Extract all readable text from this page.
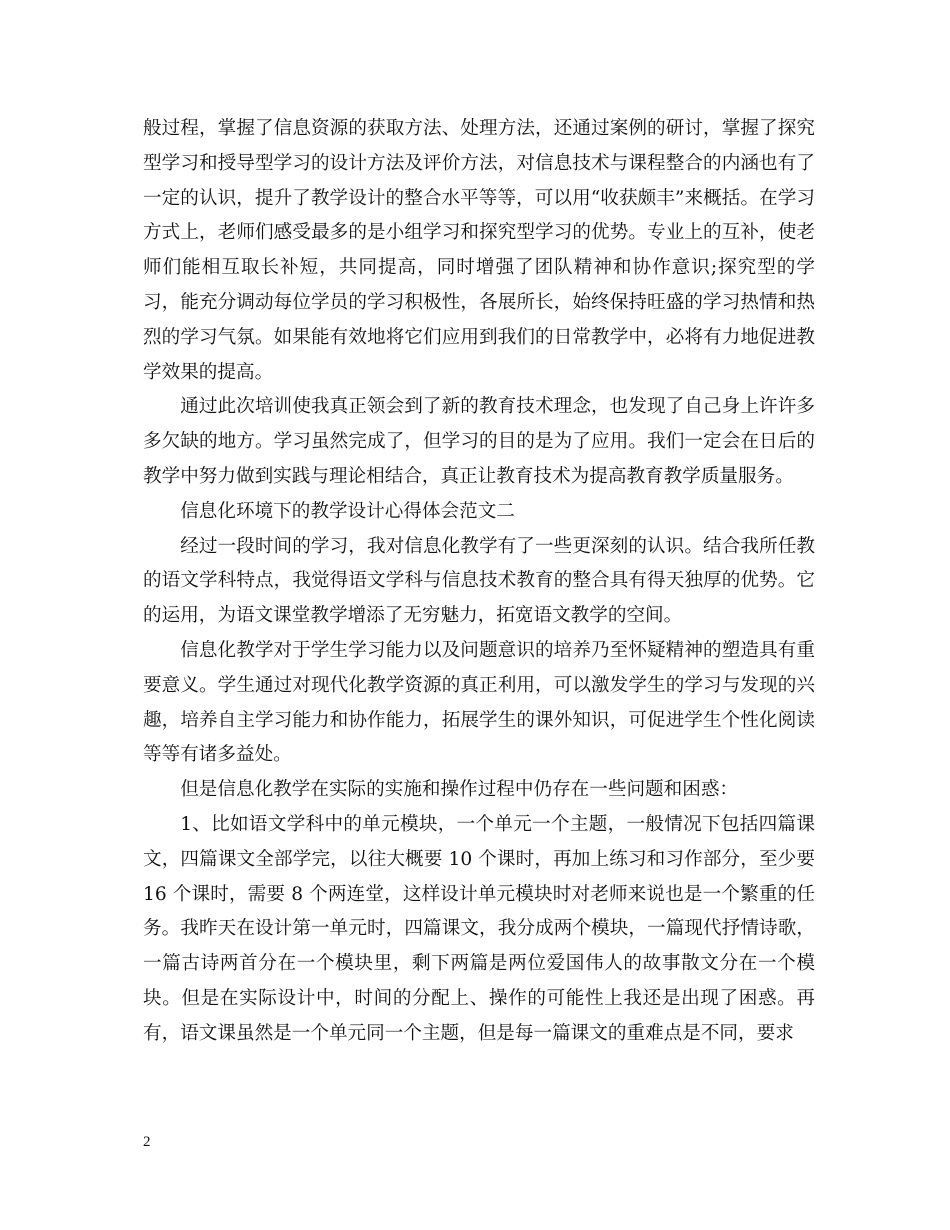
般过程，掌握了信息资源的获取方法、处理方法，还通过案例的研讨，掌握了探究型学习和授导型学习的设计方法及评价方法，对信息技术与课程整合的内涵也有了一定的认识，提升了教学设计的整合水平等等，可以用“收获颇丰”来概括。在学习方式上，老师们感受最多的是小组学习和探究型学习的优势。专业上的互补，使老师们能相互取长补短，共同提高，同时增强了团队精神和协作意识;探究型的学习，能充分调动每位学员的学习积极性，各展所长，始终保持旺盛的学习热情和热烈的学习气氛。如果能有效地将它们应用到我们的日常教学中，必将有力地促进教学效果的提高。

通过此次培训使我真正领会到了新的教育技术理念，也发现了自己身上许许多多欠缺的地方。学习虽然完成了，但学习的目的是为了应用。我们一定会在日后的教学中努力做到实践与理论相结合，真正让教育技术为提高教育教学质量服务。

信息化环境下的教学设计心得体会范文二

经过一段时间的学习，我对信息化教学有了一些更深刻的认识。结合我所任教的语文学科特点，我觉得语文学科与信息技术教育的整合具有得天独厚的优势。它的运用，为语文课堂教学增添了无穷魅力，拓宽语文教学的空间。

信息化教学对于学生学习能力以及问题意识的培养乃至怀疑精神的塑造具有重要意义。学生通过对现代化教学资源的真正利用，可以激发学生的学习与发现的兴趣，培养自主学习能力和协作能力，拓展学生的课外知识，可促进学生个性化阅读等等有诸多益处。

但是信息化教学在实际的实施和操作过程中仍存在一些问题和困惑：

1、比如语文学科中的单元模块，一个单元一个主题，一般情况下包括四篇课文，四篇课文全部学完，以往大概要 10 个课时，再加上练习和习作部分，至少要 16 个课时，需要 8 个两连堂，这样设计单元模块时对老师来说也是一个繁重的任务。我昨天在设计第一单元时，四篇课文，我分成两个模块，一篇现代抒情诗歌，一篇古诗两首分在一个模块里，剩下两篇是两位爱国伟人的故事散文分在一个模块。但是在实际设计中，时间的分配上、操作的可能性上我还是出现了困惑。再有，语文课虽然是一个单元同一个主题，但是每一篇课文的重难点是不同，要求

2
